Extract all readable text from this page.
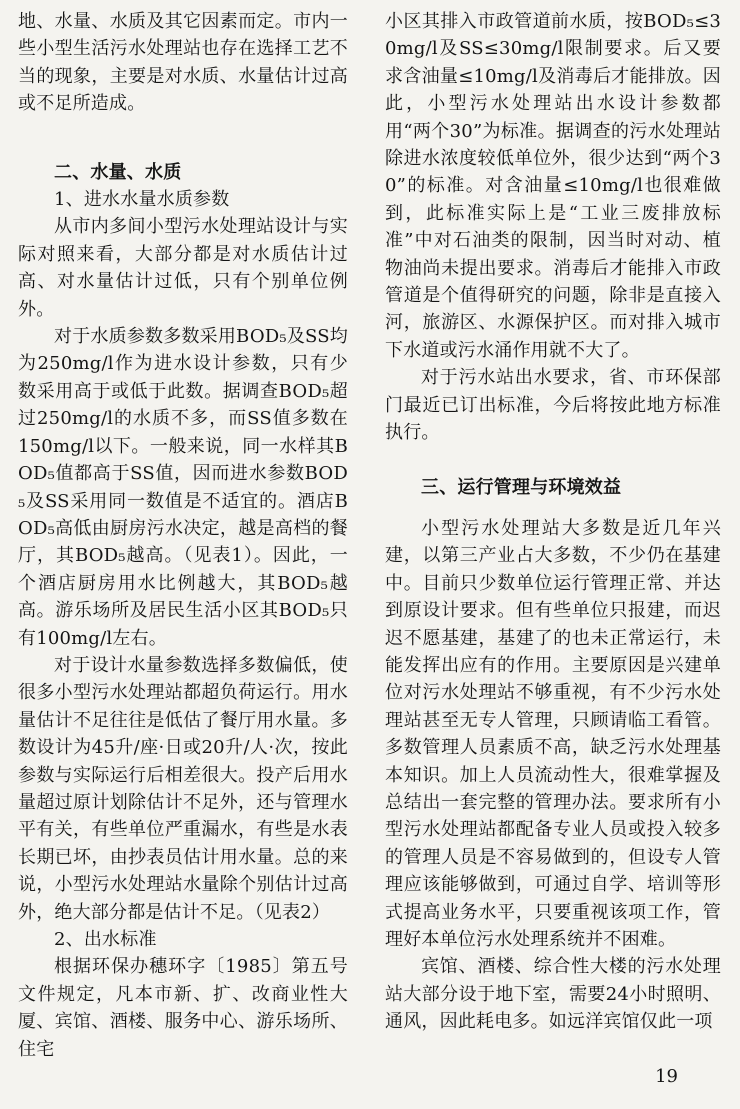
地、水量、水质及其它因素而定。市内一些小型生活污水处理站也存在选择工艺不当的现象，主要是对水质、水量估计过高或不足所造成。

二、水量、水质

1、进水水量水质参数

从市内多间小型污水处理站设计与实际对照来看，大部分都是对水质估计过高、对水量估计过低，只有个别单位例外。

对于水质参数多数采用BOD₅及SS均为250mg/l作为进水设计参数，只有少数采用高于或低于此数。据调查BOD₅超过250mg/l的水质不多，而SS值多数在150mg/l以下。一般来说，同一水样其BOD₅值都高于SS值，因而进水参数BOD₅及SS采用同一数值是不适宜的。酒店BOD₅高低由厨房污水决定，越是高档的餐厅，其BOD₅越高。（见表1）。因此，一个酒店厨房用水比例越大，其BOD₅越高。游乐场所及居民生活小区其BOD₅只有100mg/l左右。

对于设计水量参数选择多数偏低，使很多小型污水处理站都超负荷运行。用水量估计不足往往是低估了餐厅用水量。多数设计为45升/座·日或20升/人·次，按此参数与实际运行后相差很大。投产后用水量超过原计划除估计不足外，还与管理水平有关，有些单位严重漏水，有些是水表长期已坏，由抄表员估计用水量。总的来说，小型污水处理站水量除个别估计过高外，绝大部分都是估计不足。（见表2）

2、出水标准

根据环保办穗环字〔1985〕第五号文件规定，凡本市新、扩、改商业性大厦、宾馆、酒楼、服务中心、游乐场所、住宅

小区其排入市政管道前水质，按BOD₅≤30mg/l及SS≤30mg/l限制要求。后又要求含油量≤10mg/l及消毒后才能排放。因此，小型污水处理站出水设计参数都用“两个30”为标准。据调查的污水处理站除进水浓度较低单位外，很少达到“两个30”的标准。对含油量≤10mg/l也很难做到，此标准实际上是“工业三废排放标准”中对石油类的限制，因当时对动、植物油尚未提出要求。消毒后才能排入市政管道是个值得研究的问题，除非是直接入河，旅游区、水源保护区。而对排入城市下水道或污水涌作用就不大了。

对于污水站出水要求，省、市环保部门最近已订出标准，今后将按此地方标准执行。

三、运行管理与环境效益

小型污水处理站大多数是近几年兴建，以第三产业占大多数，不少仍在基建中。目前只少数单位运行管理正常、并达到原设计要求。但有些单位只报建，而迟迟不愿基建，基建了的也未正常运行，未能发挥出应有的作用。主要原因是兴建单位对污水处理站不够重视，有不少污水处理站甚至无专人管理，只顾请临工看管。多数管理人员素质不高，缺乏污水处理基本知识。加上人员流动性大，很难掌握及总结出一套完整的管理办法。要求所有小型污水处理站都配备专业人员或投入较多的管理人员是不容易做到的，但设专人管理应该能够做到，可通过自学、培训等形式提高业务水平，只要重视该项工作，管理好本单位污水处理系统并不困难。

宾馆、酒楼、综合性大楼的污水处理站大部分设于地下室，需要24小时照明、通风，因此耗电多。如远洋宾馆仅此一项

19
